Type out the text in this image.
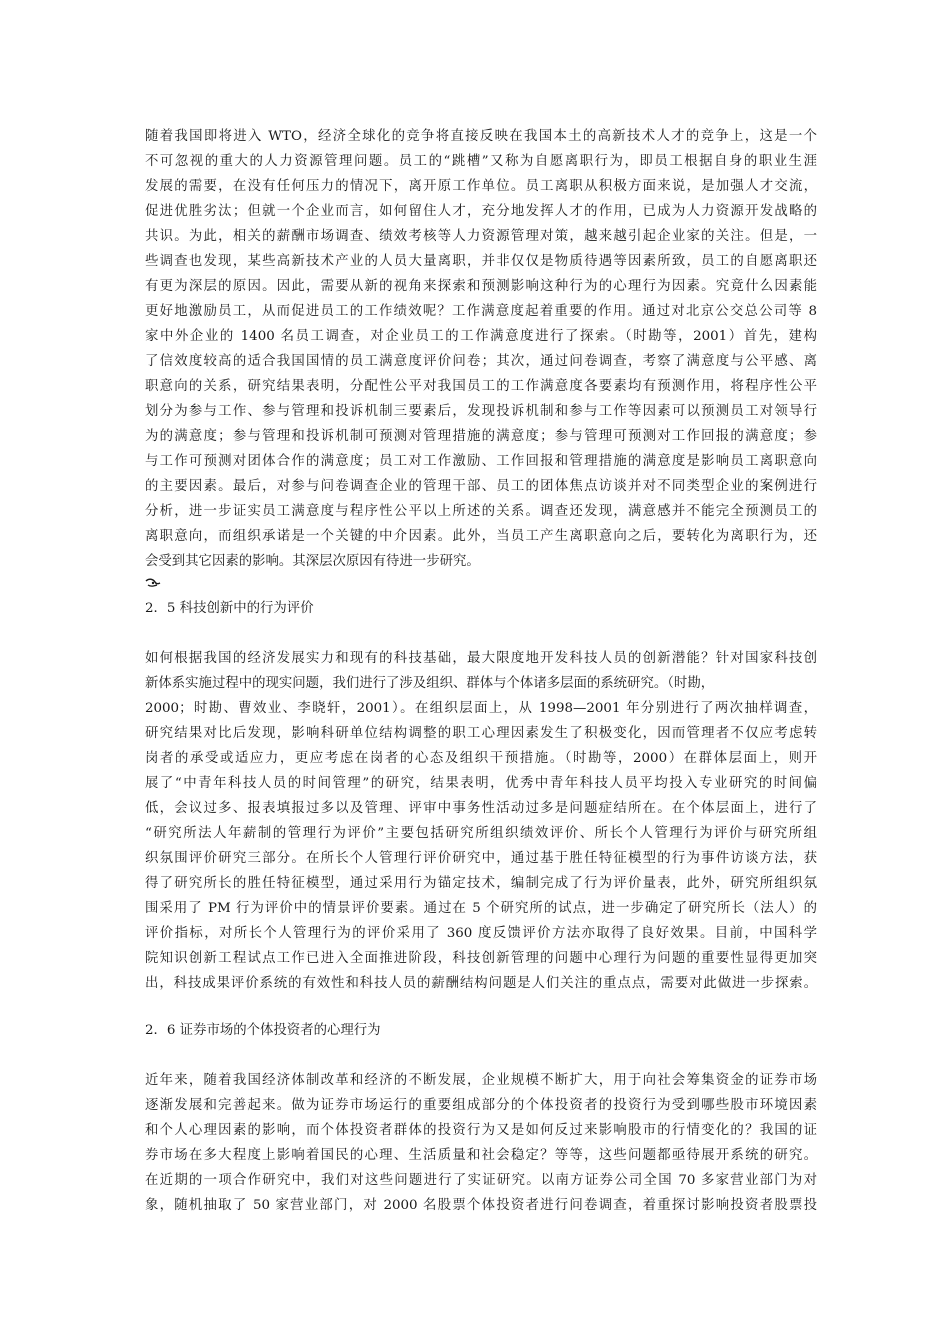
随着我国即将进入 WTO，经济全球化的竞争将直接反映在我国本土的高新技术人才的竞争上，这是一个
不可忽视的重大的人力资源管理问题。员工的“跳槽”又称为自愿离职行为，即员工根据自身的职业生涯
发展的需要，在没有任何压力的情况下，离开原工作单位。员工离职从积极方面来说，是加强人才交流，
促进优胜劣汰；但就一个企业而言，如何留住人才，充分地发挥人才的作用，已成为人力资源开发战略的
共识。为此，相关的薪酬市场调查、绩效考核等人力资源管理对策，越来越引起企业家的关注。但是，一
些调查也发现，某些高新技术产业的人员大量离职，并非仅仅是物质待遇等因素所致，员工的自愿离职还
有更为深层的原因。因此，需要从新的视角来探索和预测影响这种行为的心理行为因素。究竟什么因素能
更好地激励员工，从而促进员工的工作绩效呢？工作满意度起着重要的作用。通过对北京公交总公司等 8
家中外企业的 1400 名员工调查，对企业员工的工作满意度进行了探索。（时勘等，2001）首先，建构
了信效度较高的适合我国国情的员工满意度评价问卷；其次，通过问卷调查，考察了满意度与公平感、离
职意向的关系，研究结果表明，分配性公平对我国员工的工作满意度各要素均有预测作用，将程序性公平
划分为参与工作、参与管理和投诉机制三要素后，发现投诉机制和参与工作等因素可以预测员工对领导行
为的满意度；参与管理和投诉机制可预测对管理措施的满意度；参与管理可预测对工作回报的满意度；参
与工作可预测对团体合作的满意度；员工对工作激励、工作回报和管理措施的满意度是影响员工离职意向
的主要因素。最后，对参与问卷调查企业的管理干部、员工的团体焦点访谈并对不同类型企业的案例进行
分析，进一步证实员工满意度与程序性公平以上所述的关系。调查还发现，满意感并不能完全预测员工的
离职意向，而组织承诺是一个关键的中介因素。此外，当员工产生离职意向之后，要转化为离职行为，还
会受到其它因素的影响。其深层次原因有待进一步研究。
2．5 科技创新中的行为评价
如何根据我国的经济发展实力和现有的科技基础，最大限度地开发科技人员的创新潜能？针对国家科技创
新体系实施过程中的现实问题，我们进行了涉及组织、群体与个体诸多层面的系统研究。（时勘，
2000；时勘、曹效业、李晓轩，2001）。在组织层面上，从 1998—2001 年分别进行了两次抽样调查，
研究结果对比后发现，影响科研单位结构调整的职工心理因素发生了积极变化，因而管理者不仅应考虑转
岗者的承受或适应力，更应考虑在岗者的心态及组织干预措施。（时勘等，2000）在群体层面上，则开
展了“中青年科技人员的时间管理”的研究，结果表明，优秀中青年科技人员平均投入专业研究的时间偏
低，会议过多、报表填报过多以及管理、评审中事务性活动过多是问题症结所在。在个体层面上，进行了
“研究所法人年薪制的管理行为评价”主要包括研究所组织绩效评价、所长个人管理行为评价与研究所组
织氛围评价研究三部分。在所长个人管理行评价研究中，通过基于胜任特征模型的行为事件访谈方法，获
得了研究所长的胜任特征模型，通过采用行为锚定技术，编制完成了行为评价量表，此外，研究所组织氛
围采用了 PM 行为评价中的情景评价要素。通过在 5 个研究所的试点，进一步确定了研究所长（法人）的
评价指标，对所长个人管理行为的评价采用了 360 度反馈评价方法亦取得了良好效果。目前，中国科学
院知识创新工程试点工作已进入全面推进阶段，科技创新管理的问题中心理行为问题的重要性显得更加突
出，科技成果评价系统的有效性和科技人员的薪酬结构问题是人们关注的重点点，需要对此做进一步探索。
2．6 证券市场的个体投资者的心理行为
近年来，随着我国经济体制改革和经济的不断发展，企业规模不断扩大，用于向社会筹集资金的证券市场
逐渐发展和完善起来。做为证券市场运行的重要组成部分的个体投资者的投资行为受到哪些股市环境因素
和个人心理因素的影响，而个体投资者群体的投资行为又是如何反过来影响股市的行情变化的？我国的证
券市场在多大程度上影响着国民的心理、生活质量和社会稳定？等等，这些问题都亟待展开系统的研究。
在近期的一项合作研究中，我们对这些问题进行了实证研究。以南方证券公司全国 70 多家营业部门为对
象，随机抽取了 50 家营业部门，对 2000 名股票个体投资者进行问卷调查，着重探讨影响投资者股票投
